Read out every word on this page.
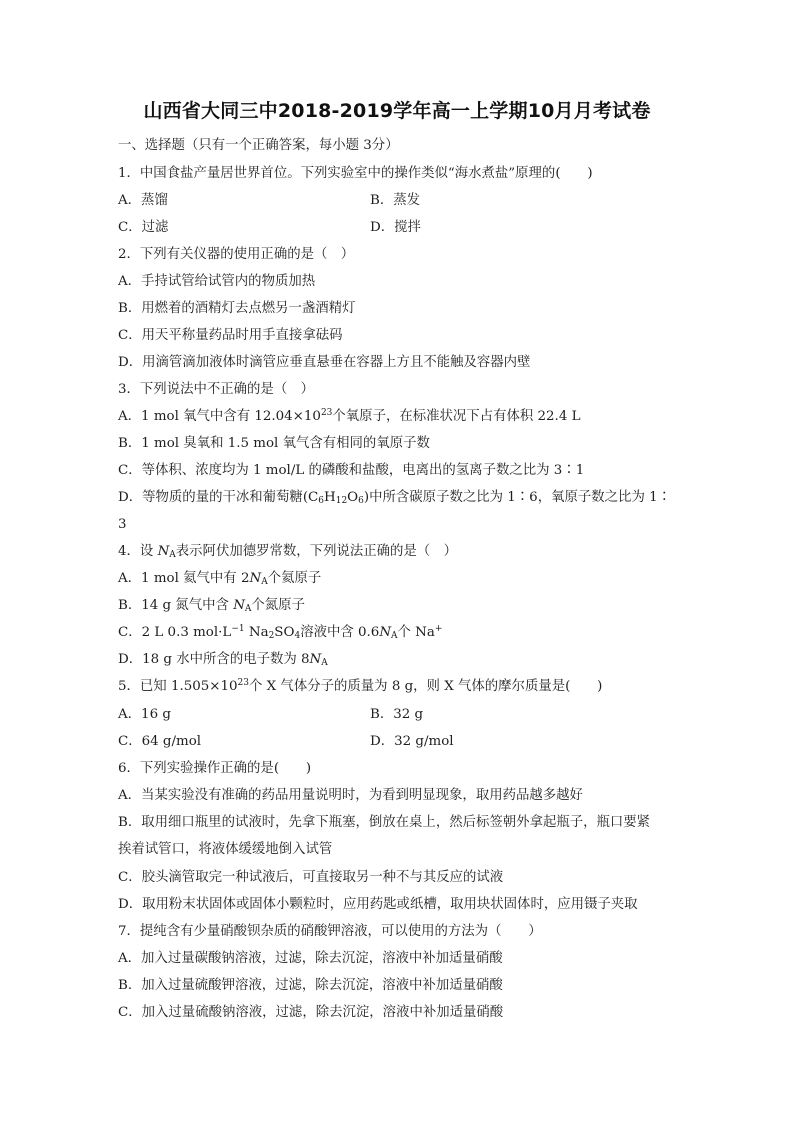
山西省大同三中2018-2019学年高一上学期10月月考试卷
一、选择题（只有一个正确答案，每小题 3分）
1．中国食盐产量居世界首位。下列实验室中的操作类似“海水煮盐”原理的(　　)
A．蒸馏	B．蒸发
C．过滤	D．搅拌
2．下列有关仪器的使用正确的是（　）
A．手持试管给试管内的物质加热
B．用燃着的酒精灯去点燃另一盏酒精灯
C．用天平称量药品时用手直接拿砝码
D．用滴管滴加液体时滴管应垂直悬垂在容器上方且不能触及容器内壁
3．下列说法中不正确的是（　）
A．1 mol 氧气中含有 $12.04\times 10^{23}$个氧原子，在标准状况下占有体积 22.4 L
B．1 mol 臭氧和 1.5 mol 氧气含有相同的氧原子数
C．等体积、浓度均为 1 mol/L 的磷酸和盐酸，电离出的氢离子数之比为 3∶1
D．等物质的量的干冰和葡萄糖$(C_6H_{12}O_6)$中所含碳原子数之比为 1∶6，氧原子数之比为 1∶
3
4．设 $N_A$表示阿伏加德罗常数，下列说法正确的是（　）
A．1 mol 氦气中有 $2N_A$个氦原子
B．14 g 氮气中含 $N_A$个氮原子
C．2 L 0.3 $mol\cdot L^{-1}$ $Na_2SO_4$溶液中含 $0.6N_A$个 Na+
D．18 g 水中所含的电子数为 $8N_A$
5．已知 $1.505\times 10^{23}$个 X 气体分子的质量为 8 g，则 X 气体的摩尔质量是(　　)
A．16 g	B．32 g
C．64 g/mol	D．32 g/mol
6．下列实验操作正确的是(　　)
A．当某实验没有准确的药品用量说明时，为看到明显现象，取用药品越多越好
B．取用细口瓶里的试液时，先拿下瓶塞，倒放在桌上，然后标签朝外拿起瓶子，瓶口要紧
挨着试管口，将液体缓缓地倒入试管
C．胶头滴管取完一种试液后，可直接取另一种不与其反应的试液
D．取用粉末状固体或固体小颗粒时，应用药匙或纸槽，取用块状固体时，应用镊子夹取
7．提纯含有少量硝酸钡杂质的硝酸钾溶液，可以使用的方法为（　　）
A．加入过量碳酸钠溶液，过滤，除去沉淀，溶液中补加适量硝酸
B．加入过量硫酸钾溶液，过滤，除去沉淀，溶液中补加适量硝酸
C．加入过量硫酸钠溶液，过滤，除去沉淀，溶液中补加适量硝酸
